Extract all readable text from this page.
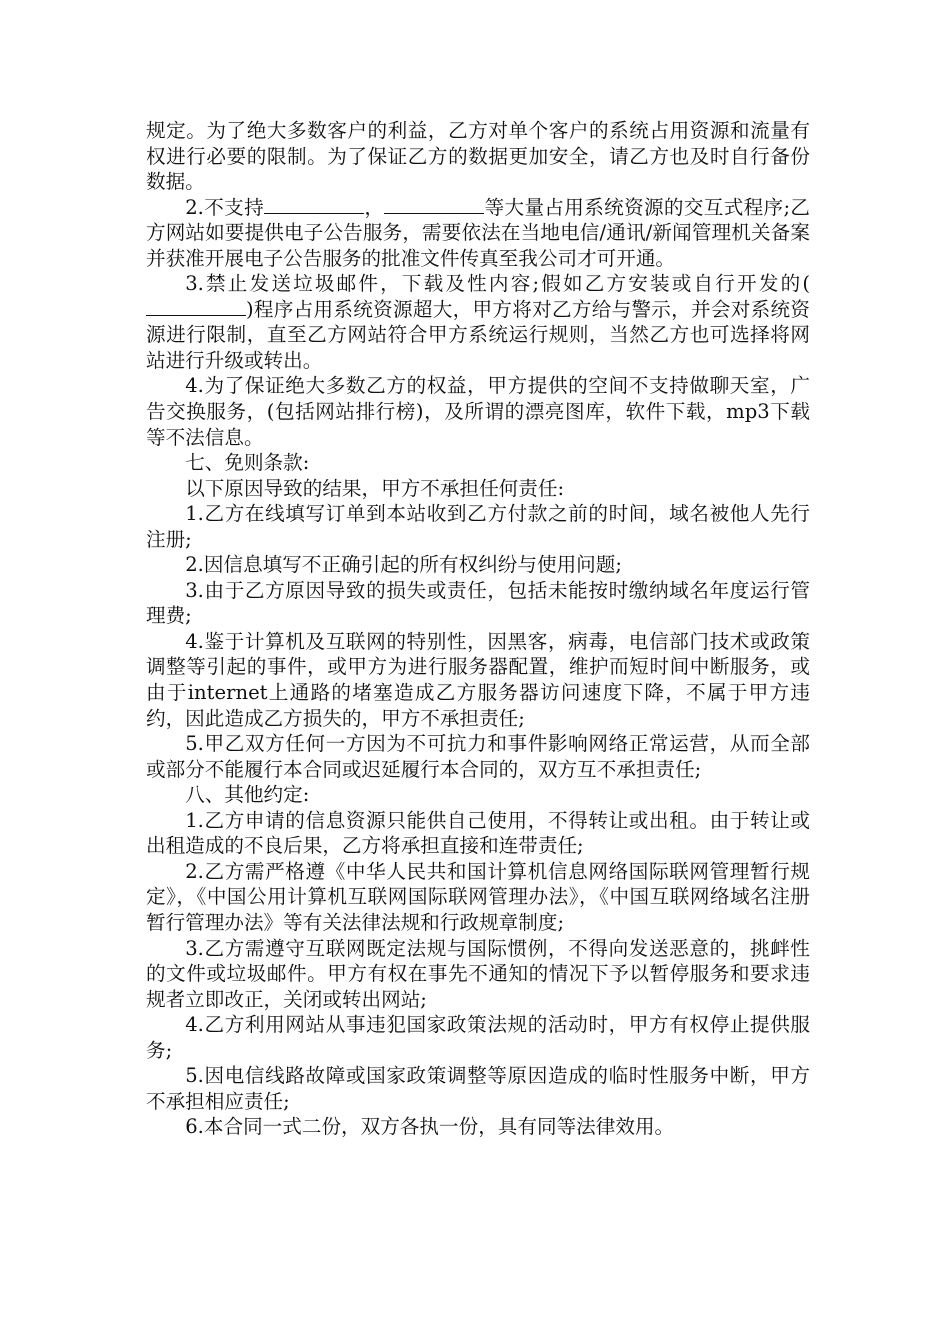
规定。为了绝大多数客户的利益，乙方对单个客户的系统占用资源和流量有权进行必要的限制。为了保证乙方的数据更加安全，请乙方也及时自行备份数据。

2.不支持	，	等大量占用系统资源的交互式程序;乙方网站如要提供电子公告服务，需要依法在当地电信/通讯/新闻管理机关备案并获准开展电子公告服务的批准文件传真至我公司才可开通。

3.禁止发送垃圾邮件，下载及性内容;假如乙方安装或自行开发的()程序占用系统资源超大，甲方将对乙方给与警示，并会对系统资源进行限制，直至乙方网站符合甲方系统运行规则，当然乙方也可选择将网站进行升级或转出。

4.为了保证绝大多数乙方的权益，甲方提供的空间不支持做聊天室，广告交换服务，(包括网站排行榜)，及所谓的漂亮图库，软件下载，mp3下载等不法信息。

七、免则条款:

以下原因导致的结果，甲方不承担任何责任:

1.乙方在线填写订单到本站收到乙方付款之前的时间，域名被他人先行注册;

2.因信息填写不正确引起的所有权纠纷与使用问题;

3.由于乙方原因导致的损失或责任，包括未能按时缴纳域名年度运行管理费;

4.鉴于计算机及互联网的特别性，因黑客，病毒，电信部门技术或政策调整等引起的事件，或甲方为进行服务器配置，维护而短时间中断服务，或由于internet上通路的堵塞造成乙方服务器访问速度下降，不属于甲方违约，因此造成乙方损失的，甲方不承担责任;

5.甲乙双方任何一方因为不可抗力和事件影响网络正常运营，从而全部或部分不能履行本合同或迟延履行本合同的，双方互不承担责任;

八、其他约定:

1.乙方申请的信息资源只能供自己使用，不得转让或出租。由于转让或出租造成的不良后果，乙方将承担直接和连带责任;

2.乙方需严格遵《中华人民共和国计算机信息网络国际联网管理暂行规定》，《中国公用计算机互联网国际联网管理办法》，《中国互联网络域名注册暂行管理办法》等有关法律法规和行政规章制度;

3.乙方需遵守互联网既定法规与国际惯例，不得向发送恶意的，挑衅性的文件或垃圾邮件。甲方有权在事先不通知的情况下予以暂停服务和要求违规者立即改正，关闭或转出网站;

4.乙方利用网站从事违犯国家政策法规的活动时，甲方有权停止提供服务;

5.因电信线路故障或国家政策调整等原因造成的临时性服务中断，甲方不承担相应责任;

6.本合同一式二份，双方各执一份，具有同等法律效用。
